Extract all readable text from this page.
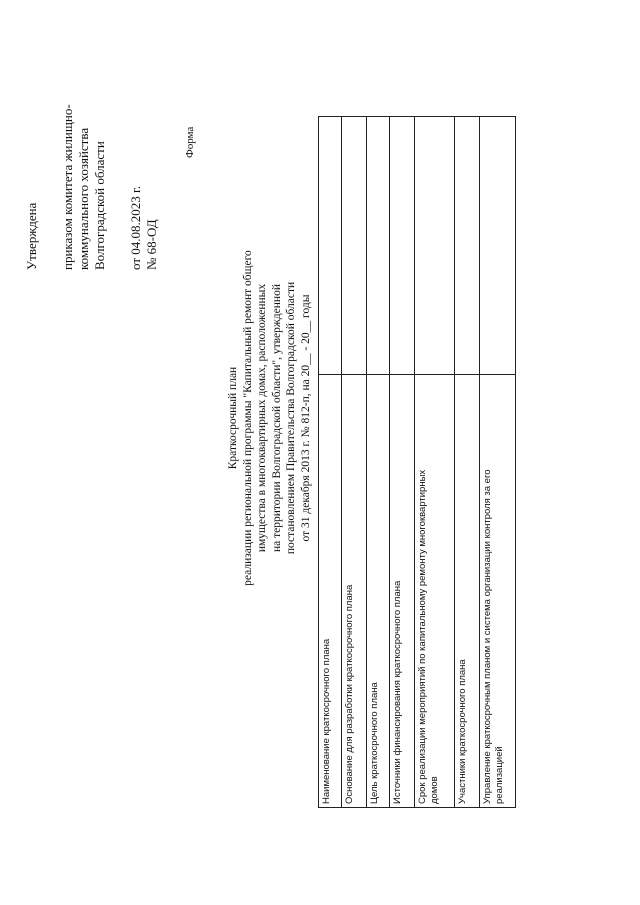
Утверждена приказом комитета жилищно- коммунального хозяйства Волгоградской области от 04.08.2023 г. № 68-ОД
Форма
Краткосрочный план реализации региональной программы "Капитальный ремонт общего имущества в многоквартирных домах, расположенных на территории Волгоградской области", утвержденной постановлением Правительства Волгоградской области от 31 декабря 2013 г. № 812-п, на 20__ - 20__ годы
Наименование краткосрочного плана	
Основание для разработки краткосрочного плана	
Цель краткосрочного плана	
Источники финансирования краткосрочного плана	
Срок реализации мероприятий по капитальному ремонту многоквартирных
домов	
Участники краткосрочного плана	
Управление краткосрочным планом и система организации контроля за его
реализацией	
